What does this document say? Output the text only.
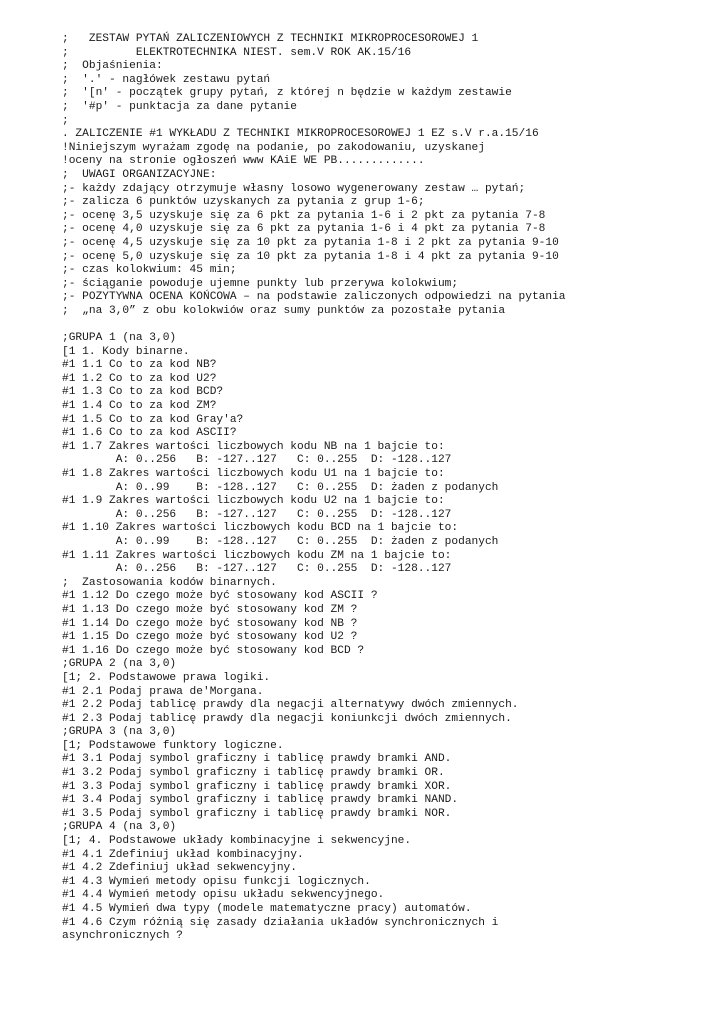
;   ZESTAW PYTAŃ ZALICZENIOWYCH Z TECHNIKI MIKROPROCESOROWEJ 1
;          ELEKTROTECHNIKA NIEST. sem.V ROK AK.15/16
;  Objaśnienia:
;  '.' - nagłówek zestawu pytań
;  '[n' - początek grupy pytań, z której n będzie w każdym zestawie
;  '#p' - punktacja za dane pytanie
;
. ZALICZENIE #1 WYKŁADU Z TECHNIKI MIKROPROCESOROWEJ 1 EZ s.V r.a.15/16
!Niniejszym wyrażam zgodę na podanie, po zakodowaniu, uzyskanej
!oceny na stronie ogłoszeń www KAiE WE PB.............
;  UWAGI ORGANIZACYJNE:
;- każdy zdający otrzymuje własny losowo wygenerowany zestaw … pytań;
;- zalicza 6 punktów uzyskanych za pytania z grup 1-6;
;- ocenę 3,5 uzyskuje się za 6 pkt za pytania 1-6 i 2 pkt za pytania 7-8
;- ocenę 4,0 uzyskuje się za 6 pkt za pytania 1-6 i 4 pkt za pytania 7-8
;- ocenę 4,5 uzyskuje się za 10 pkt za pytania 1-8 i 2 pkt za pytania 9-10
;- ocenę 5,0 uzyskuje się za 10 pkt za pytania 1-8 i 4 pkt za pytania 9-10
;- czas kolokwium: 45 min;
;- ściąganie powoduje ujemne punkty lub przerywa kolokwium;
;- POZYTYWNA OCENA KOŃCOWA – na podstawie zaliczonych odpowiedzi na pytania
;  „na 3,0” z obu kolokwiów oraz sumy punktów za pozostałe pytania
;GRUPA 1 (na 3,0)
[1 1. Kody binarne.
#1 1.1 Co to za kod NB?
#1 1.2 Co to za kod U2?
#1 1.3 Co to za kod BCD?
#1 1.4 Co to za kod ZM?
#1 1.5 Co to za kod Gray'a?
#1 1.6 Co to za kod ASCII?
#1 1.7 Zakres wartości liczbowych kodu NB na 1 bajcie to:
A: 0..256   B: -127..127   C: 0..255  D: -128..127
#1 1.8 Zakres wartości liczbowych kodu U1 na 1 bajcie to:
A: 0..99    B: -128..127   C: 0..255  D: żaden z podanych
#1 1.9 Zakres wartości liczbowych kodu U2 na 1 bajcie to:
A: 0..256   B: -127..127   C: 0..255  D: -128..127
#1 1.10 Zakres wartości liczbowych kodu BCD na 1 bajcie to:
A: 0..99    B: -128..127   C: 0..255  D: żaden z podanych
#1 1.11 Zakres wartości liczbowych kodu ZM na 1 bajcie to:
A: 0..256   B: -127..127   C: 0..255  D: -128..127
;  Zastosowania kodów binarnych.
#1 1.12 Do czego może być stosowany kod ASCII ?
#1 1.13 Do czego może być stosowany kod ZM ?
#1 1.14 Do czego może być stosowany kod NB ?
#1 1.15 Do czego może być stosowany kod U2 ?
#1 1.16 Do czego może być stosowany kod BCD ?
;GRUPA 2 (na 3,0)
[1; 2. Podstawowe prawa logiki.
#1 2.1 Podaj prawa de'Morgana.
#1 2.2 Podaj tablicę prawdy dla negacji alternatywy dwóch zmiennych.
#1 2.3 Podaj tablicę prawdy dla negacji koniunkcji dwóch zmiennych.
;GRUPA 3 (na 3,0)
[1; Podstawowe funktory logiczne.
#1 3.1 Podaj symbol graficzny i tablicę prawdy bramki AND.
#1 3.2 Podaj symbol graficzny i tablicę prawdy bramki OR.
#1 3.3 Podaj symbol graficzny i tablicę prawdy bramki XOR.
#1 3.4 Podaj symbol graficzny i tablicę prawdy bramki NAND.
#1 3.5 Podaj symbol graficzny i tablicę prawdy bramki NOR.
;GRUPA 4 (na 3,0)
[1; 4. Podstawowe układy kombinacyjne i sekwencyjne.
#1 4.1 Zdefiniuj układ kombinacyjny.
#1 4.2 Zdefiniuj układ sekwencyjny.
#1 4.3 Wymień metody opisu funkcji logicznych.
#1 4.4 Wymień metody opisu układu sekwencyjnego.
#1 4.5 Wymień dwa typy (modele matematyczne pracy) automatów.
#1 4.6 Czym różnią się zasady działania układów synchronicznych i
asynchronicznych ?
